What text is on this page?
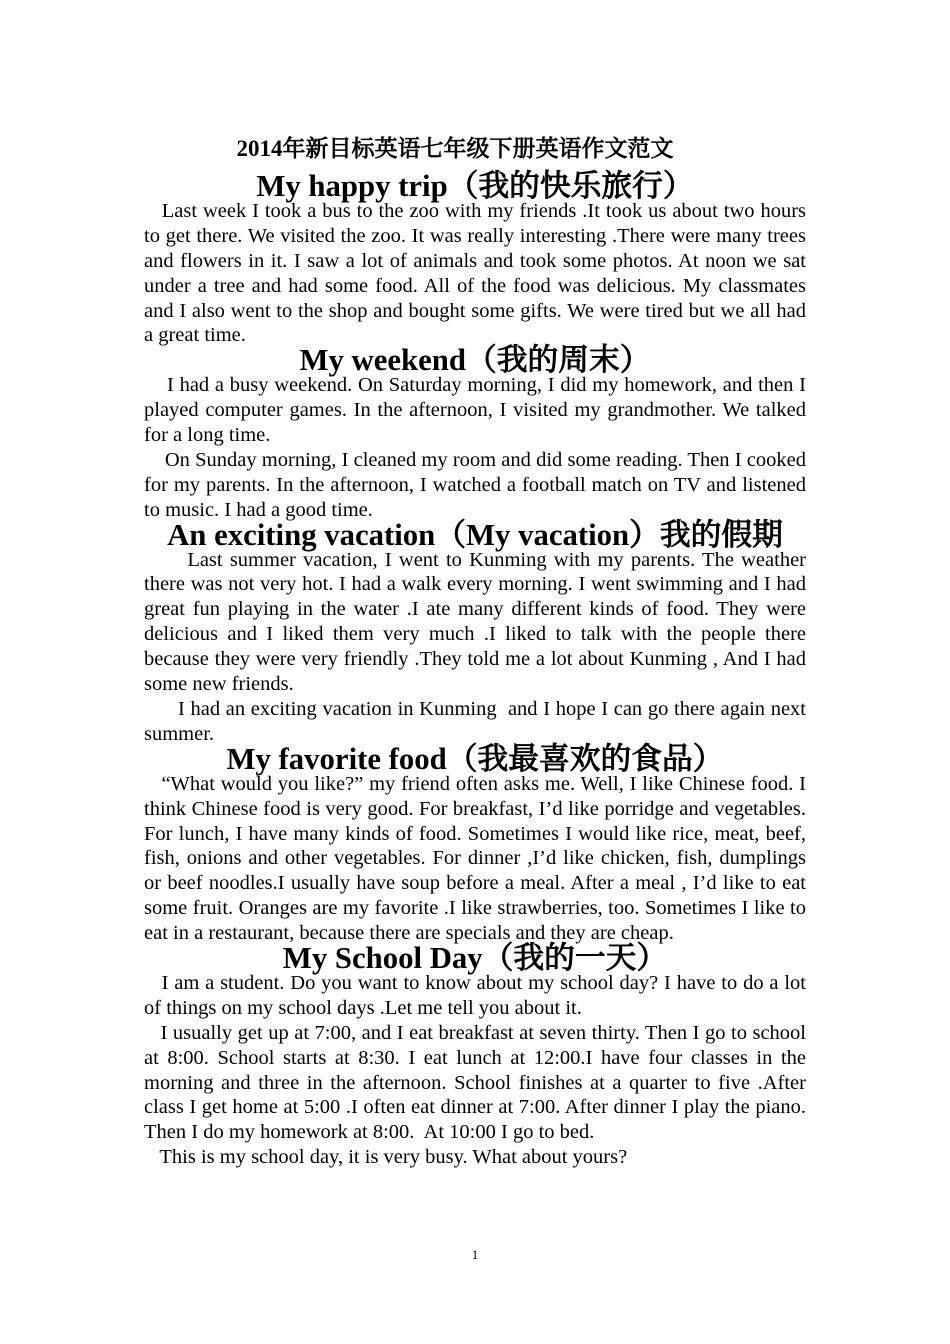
2014年新目标英语七年级下册英语作文范文
My happy trip（我的快乐旅行）

Last week I took a bus to the zoo with my friends .It took us about two hours to get there. We visited the zoo. It was really interesting .There were many trees and flowers in it. I saw a lot of animals and took some photos. At noon we sat under a tree and had some food. All of the food was delicious. My classmates and I also went to the shop and bought some gifts. We were tired but we all had a great time.

My weekend（我的周末）

I had a busy weekend. On Saturday morning, I did my homework, and then I played computer games. In the afternoon, I visited my grandmother. We talked for a long time.

On Sunday morning, I cleaned my room and did some reading. Then I cooked for my parents. In the afternoon, I watched a football match on TV and listened to music. I had a good time.

An exciting vacation（My vacation）我的假期

Last summer vacation, I went to Kunming with my parents. The weather there was not very hot. I had a walk every morning. I went swimming and I had great fun playing in the water .I ate many different kinds of food. They were delicious and I liked them very much .I liked to talk with the people there because they were very friendly .They told me a lot about Kunming , And I had some new friends.

I had an exciting vacation in Kunming  and I hope I can go there again next summer.

My favorite food（我最喜欢的食品）

“What would you like?” my friend often asks me. Well, I like Chinese food. I think Chinese food is very good. For breakfast, I’d like porridge and vegetables. For lunch, I have many kinds of food. Sometimes I would like rice, meat, beef, fish, onions and other vegetables. For dinner ,I’d like chicken, fish, dumplings or beef noodles.I usually have soup before a meal. After a meal , I’d like to eat some fruit. Oranges are my favorite .I like strawberries, too. Sometimes I like to eat in a restaurant, because there are specials and they are cheap.

My School Day（我的一天）

I am a student. Do you want to know about my school day? I have to do a lot of things on my school days .Let me tell you about it.

I usually get up at 7:00, and I eat breakfast at seven thirty. Then I go to school at 8:00. School starts at 8:30. I eat lunch at 12:00.I have four classes in the morning and three in the afternoon. School finishes at a quarter to five .After class I get home at 5:00 .I often eat dinner at 7:00. After dinner I play the piano. Then I do my homework at 8:00.  At 10:00 I go to bed.

This is my school day, it is very busy. What about yours?

1
